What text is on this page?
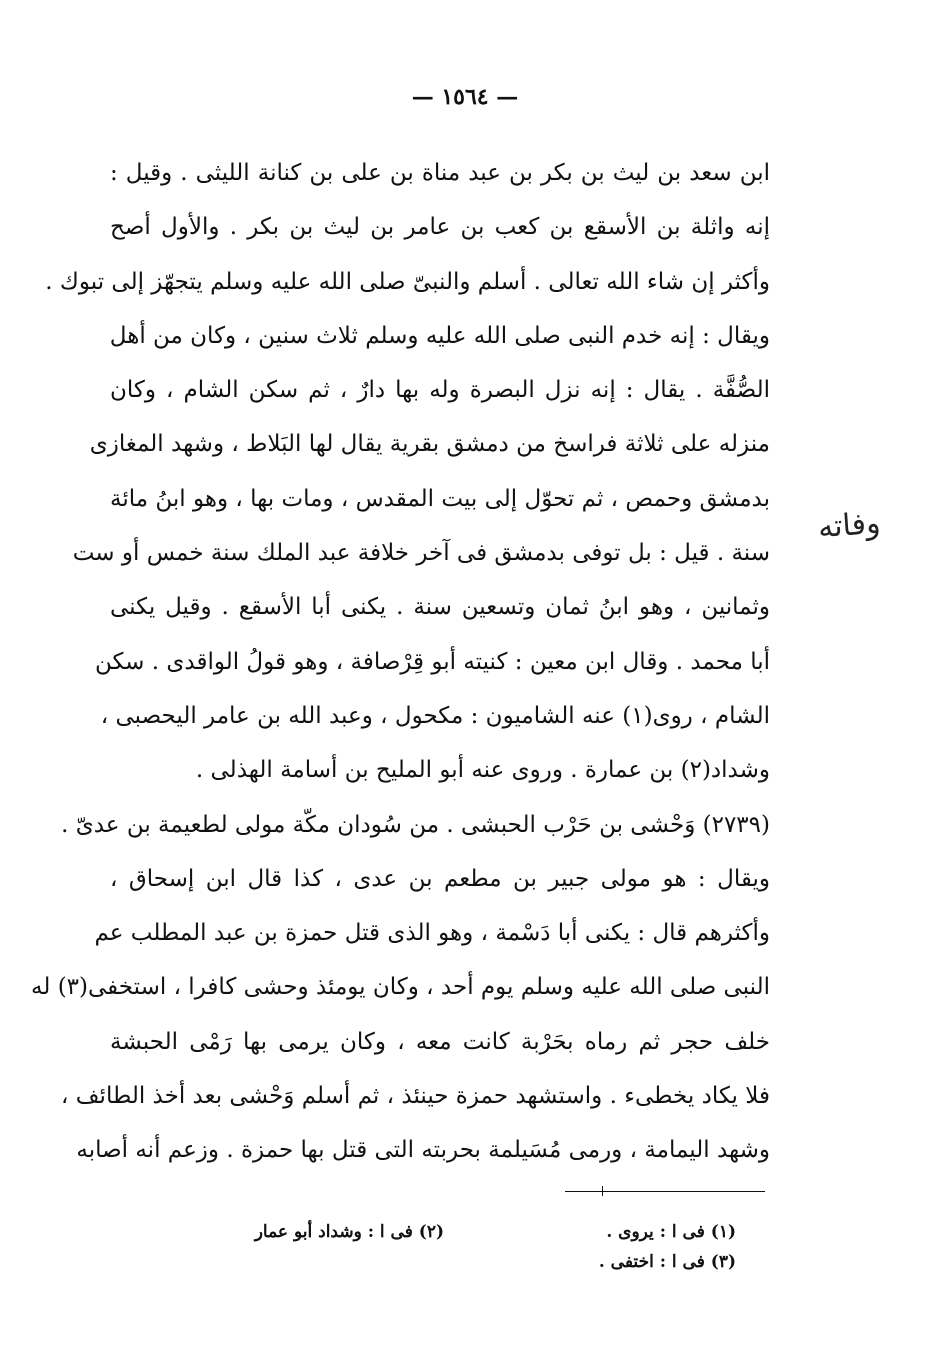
— ١٥٦٤ —
وفاته
ابن سعد بن ليث بن بكر بن عبد مناة بن على بن كنانة الليثى . وقيل :
إنه واثلة بن الأسقع بن كعب بن عامر بن ليث بن بكر . والأول أصح
وأكثر إن شاء الله تعالى . أسلم والنبىّ صلى الله عليه وسلم يتجهّز إلى تبوك .
ويقال : إنه خدم النبى صلى الله عليه وسلم ثلاث سنين ، وكان من أهل
الصُّفَّة . يقال : إنه نزل البصرة وله بها دارٌ ، ثم سكن الشام ، وكان
منزله على ثلاثة فراسخ من دمشق بقرية يقال لها البَلاط ، وشهد المغازى
بدمشق وحمص ، ثم تحوّل إلى بيت المقدس ، ومات بها ، وهو ابنُ مائة
سنة . قيل : بل توفى بدمشق فى آخر خلافة عبد الملك سنة خمس أو ست
وثمانين ، وهو ابنُ ثمان وتسعين سنة . يكنى أبا الأسقع . وقيل يكنى
أبا محمد . وقال ابن معين : كنيته أبو قِرْصافة ، وهو قولُ الواقدى . سكن
الشام ، روى(١) عنه الشاميون : مكحول ، وعبد الله بن عامر اليحصبى ،
وشداد(٢) بن عمارة . وروى عنه أبو المليح بن أسامة الهذلى .
(٢٧٣٩) وَحْشى بن حَرْب الحبشى . من سُودان مكّة مولى لطعيمة بن عدىّ .
ويقال : هو مولى جبير بن مطعم بن عدى ، كذا قال ابن إسحاق ،
وأكثرهم قال : يكنى أبا دَسْمة ، وهو الذى قتل حمزة بن عبد المطلب عم
النبى صلى الله عليه وسلم يوم أحد ، وكان يومئذ وحشى كافرا ، استخفى(٣) له
خلف حجر ثم رماه بحَرْبة كانت معه ، وكان يرمى بها رَمْى الحبشة
فلا يكاد يخطىء . واستشهد حمزة حينئذ ، ثم أسلم وَحْشى بعد أخذ الطائف ،
وشهد اليمامة ، ورمى مُسَيلمة بحربته التى قتل بها حمزة . وزعم أنه أصابه
(١) فى ا : يروى .
(٢) فى ا : وشداد أبو عمار
(٣) فى ا : اختفى .
